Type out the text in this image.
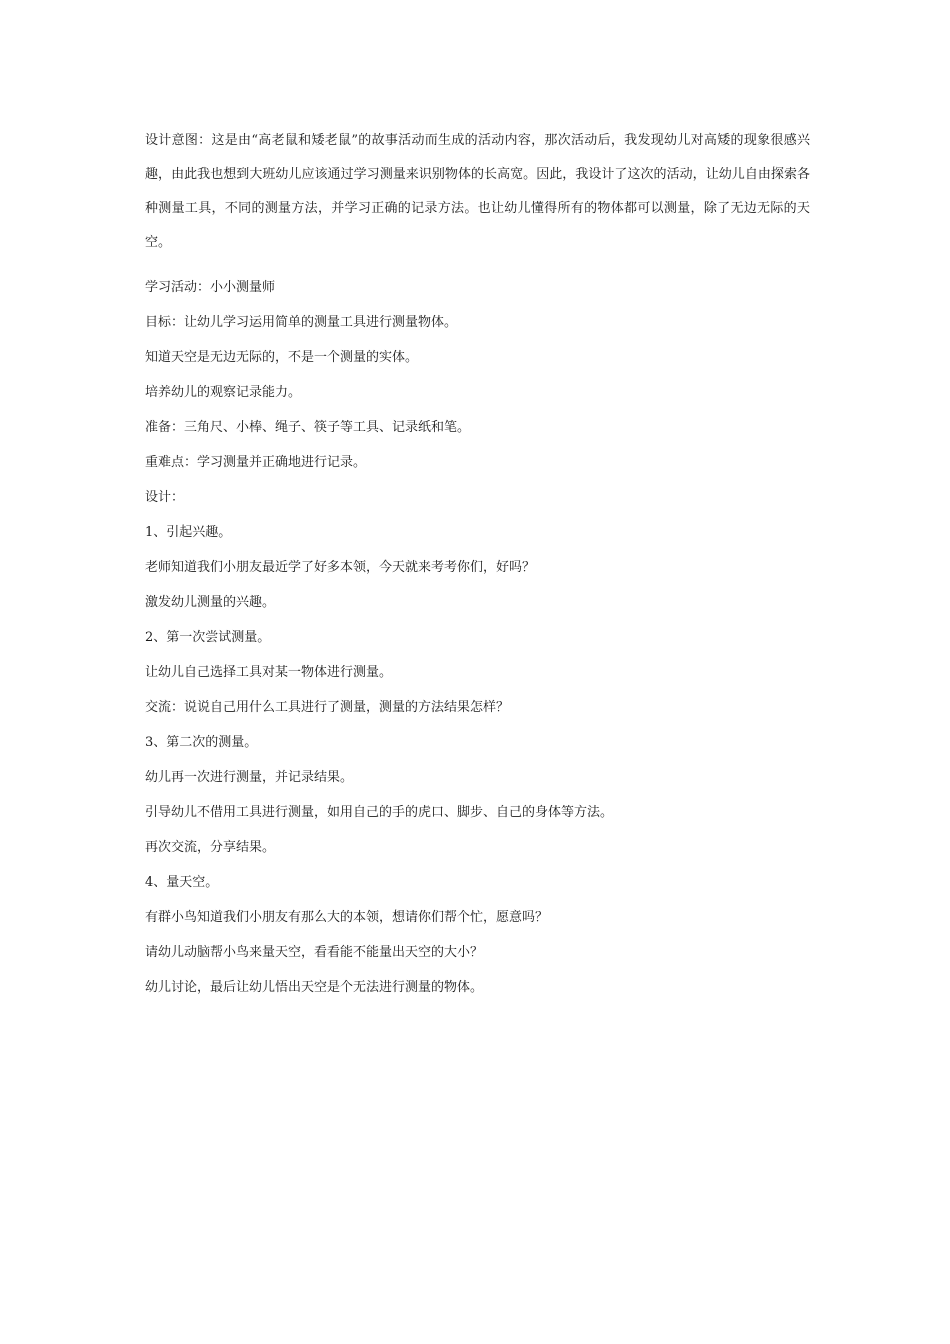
设计意图：这是由“高老鼠和矮老鼠”的故事活动而生成的活动内容，那次活动后，我发现幼儿对高矮的现象很感兴趣，由此我也想到大班幼儿应该通过学习测量来识别物体的长高宽。因此，我设计了这次的活动，让幼儿自由探索各种测量工具，不同的测量方法，并学习正确的记录方法。也让幼儿懂得所有的物体都可以测量，除了无边无际的天空。

学习活动：小小测量师

目标：让幼儿学习运用简单的测量工具进行测量物体。

知道天空是无边无际的，不是一个测量的实体。

培养幼儿的观察记录能力。

准备：三角尺、小棒、绳子、筷子等工具、记录纸和笔。

重难点：学习测量并正确地进行记录。

设计：

1、引起兴趣。

老师知道我们小朋友最近学了好多本领，今天就来考考你们，好吗？

激发幼儿测量的兴趣。

2、第一次尝试测量。

让幼儿自己选择工具对某一物体进行测量。

交流：说说自己用什么工具进行了测量，测量的方法结果怎样？

3、第二次的测量。

幼儿再一次进行测量，并记录结果。

引导幼儿不借用工具进行测量，如用自己的手的虎口、脚步、自己的身体等方法。

再次交流，分享结果。

4、量天空。

有群小鸟知道我们小朋友有那么大的本领，想请你们帮个忙，愿意吗？

请幼儿动脑帮小鸟来量天空，看看能不能量出天空的大小？

幼儿讨论，最后让幼儿悟出天空是个无法进行测量的物体。
